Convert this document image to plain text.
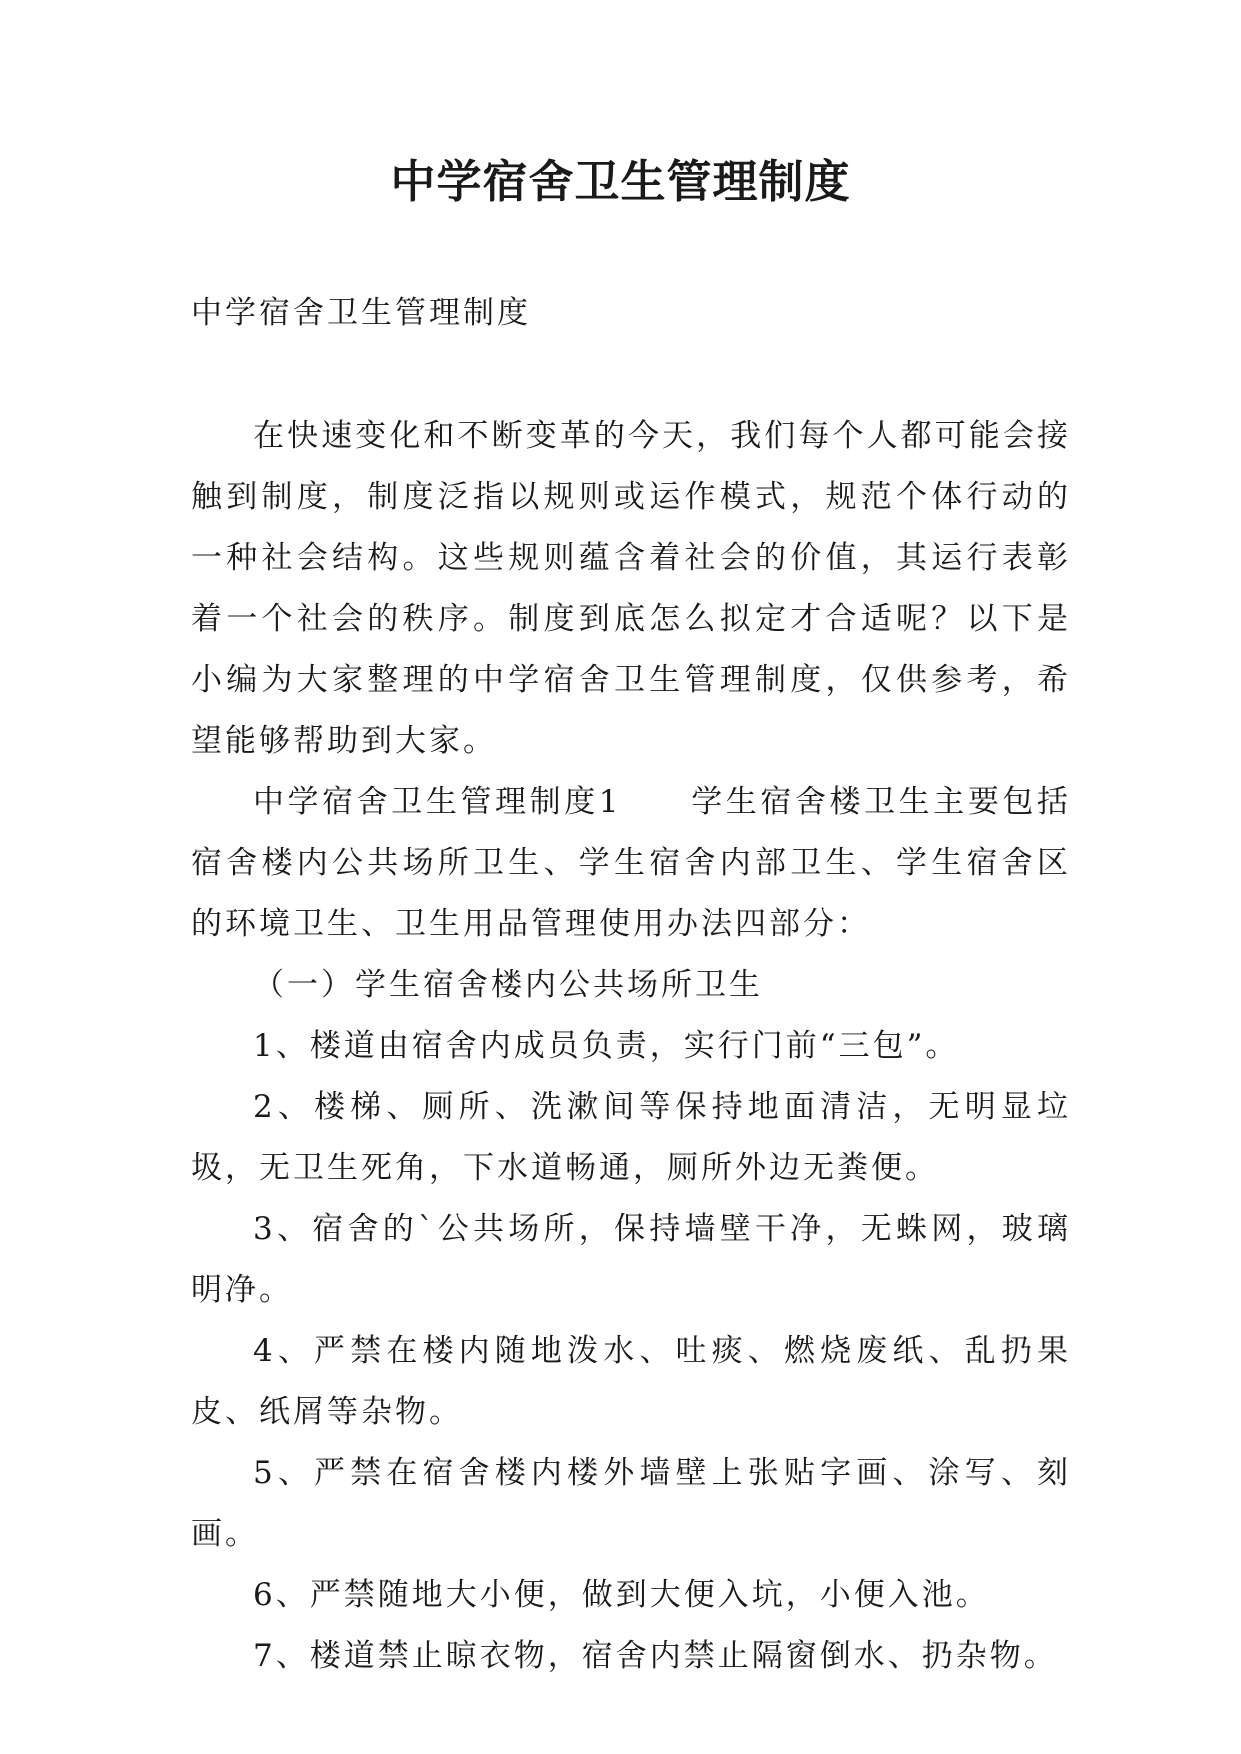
中学宿舍卫生管理制度
中学宿舍卫生管理制度

在快速变化和不断变革的今天，我们每个人都可能会接触到制度，制度泛指以规则或运作模式，规范个体行动的一种社会结构。这些规则蕴含着社会的价值，其运行表彰着一个社会的秩序。制度到底怎么拟定才合适呢？以下是小编为大家整理的中学宿舍卫生管理制度，仅供参考，希望能够帮助到大家。

中学宿舍卫生管理制度1　　学生宿舍楼卫生主要包括宿舍楼内公共场所卫生、学生宿舍内部卫生、学生宿舍区的环境卫生、卫生用品管理使用办法四部分：

（一）学生宿舍楼内公共场所卫生

1、楼道由宿舍内成员负责，实行门前“三包”。

2、楼梯、厕所、洗漱间等保持地面清洁，无明显垃圾，无卫生死角，下水道畅通，厕所外边无粪便。

3、宿舍的`公共场所，保持墙壁干净，无蛛网，玻璃明净。

4、严禁在楼内随地泼水、吐痰、燃烧废纸、乱扔果皮、纸屑等杂物。

5、严禁在宿舍楼内楼外墙壁上张贴字画、涂写、刻画。

6、严禁随地大小便，做到大便入坑，小便入池。

7、楼道禁止晾衣物，宿舍内禁止隔窗倒水、扔杂物。
